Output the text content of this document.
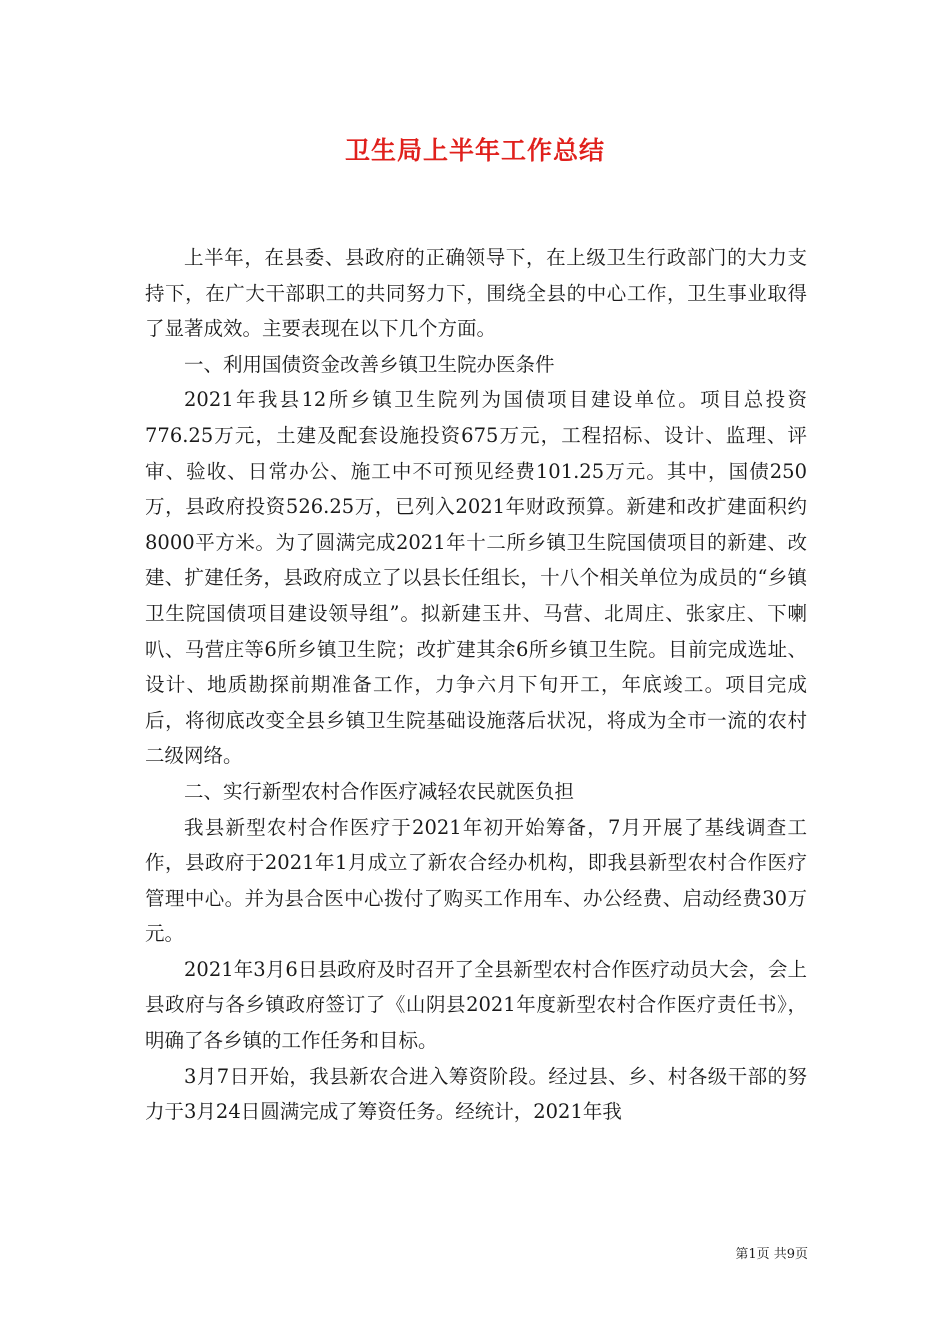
卫生局上半年工作总结

上半年，在县委、县政府的正确领导下，在上级卫生行政部门的大力支持下，在广大干部职工的共同努力下，围绕全县的中心工作，卫生事业取得了显著成效。主要表现在以下几个方面。

一、利用国债资金改善乡镇卫生院办医条件

2021年我县12所乡镇卫生院列为国债项目建设单位。项目总投资776.25万元，土建及配套设施投资675万元，工程招标、设计、监理、评审、验收、日常办公、施工中不可预见经费101.25万元。其中，国债250万，县政府投资526.25万，已列入2021年财政预算。新建和改扩建面积约8000平方米。为了圆满完成2021年十二所乡镇卫生院国债项目的新建、改建、扩建任务，县政府成立了以县长任组长，十八个相关单位为成员的“乡镇卫生院国债项目建设领导组”。拟新建玉井、马营、北周庄、张家庄、下喇叭、马营庄等6所乡镇卫生院；改扩建其余6所乡镇卫生院。目前完成选址、设计、地质勘探前期准备工作，力争六月下旬开工，年底竣工。项目完成后，将彻底改变全县乡镇卫生院基础设施落后状况，将成为全市一流的农村二级网络。

二、实行新型农村合作医疗减轻农民就医负担

我县新型农村合作医疗于2021年初开始筹备，7月开展了基线调查工作，县政府于2021年1月成立了新农合经办机构，即我县新型农村合作医疗管理中心。并为县合医中心拨付了购买工作用车、办公经费、启动经费30万元。

2021年3月6日县政府及时召开了全县新型农村合作医疗动员大会，会上县政府与各乡镇政府签订了《山阴县2021年度新型农村合作医疗责任书》，明确了各乡镇的工作任务和目标。

3月7日开始，我县新农合进入筹资阶段。经过县、乡、村各级干部的努力于3月24日圆满完成了筹资任务。经统计，2021年我

第1页 共9页
